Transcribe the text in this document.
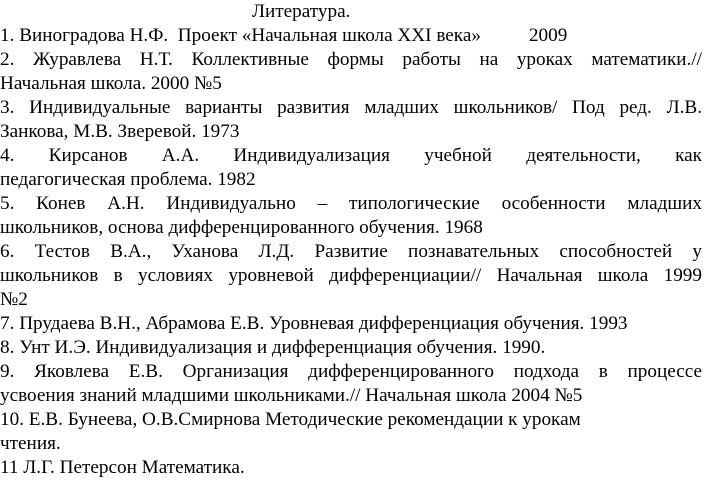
Литература.
1. Виноградова Н.Ф.  Проект «Начальная школа XXI века»          2009
2. Журавлева Н.Т. Коллективные формы работы на уроках математики.//
Начальная школа. 2000 №5
3. Индивидуальные варианты развития младших школьников/ Под ред. Л.В.
Занкова, М.В. Зверевой. 1973
4. Кирсанов А.А. Индивидуализация учебной деятельности, как
педагогическая проблема. 1982
5. Конев А.Н. Индивидуально – типологические особенности младших
школьников, основа дифференцированного обучения. 1968
6. Тестов В.А., Уханова Л.Д. Развитие познавательных способностей у
школьников в условиях уровневой дифференциации// Начальная школа 1999
№2
7. Прудаева В.Н., Абрамова Е.В. Уровневая дифференциация обучения. 1993
8. Унт И.Э. Индивидуализация и дифференциация обучения. 1990.
9. Яковлева Е.В. Организация дифференцированного подхода в процессе
усвоения знаний младшими школьниками.// Начальная школа 2004 №5
10. Е.В. Бунеева, О.В.Смирнова Методические рекомендации к урокам
чтения.
11 Л.Г. Петерсон Математика.
